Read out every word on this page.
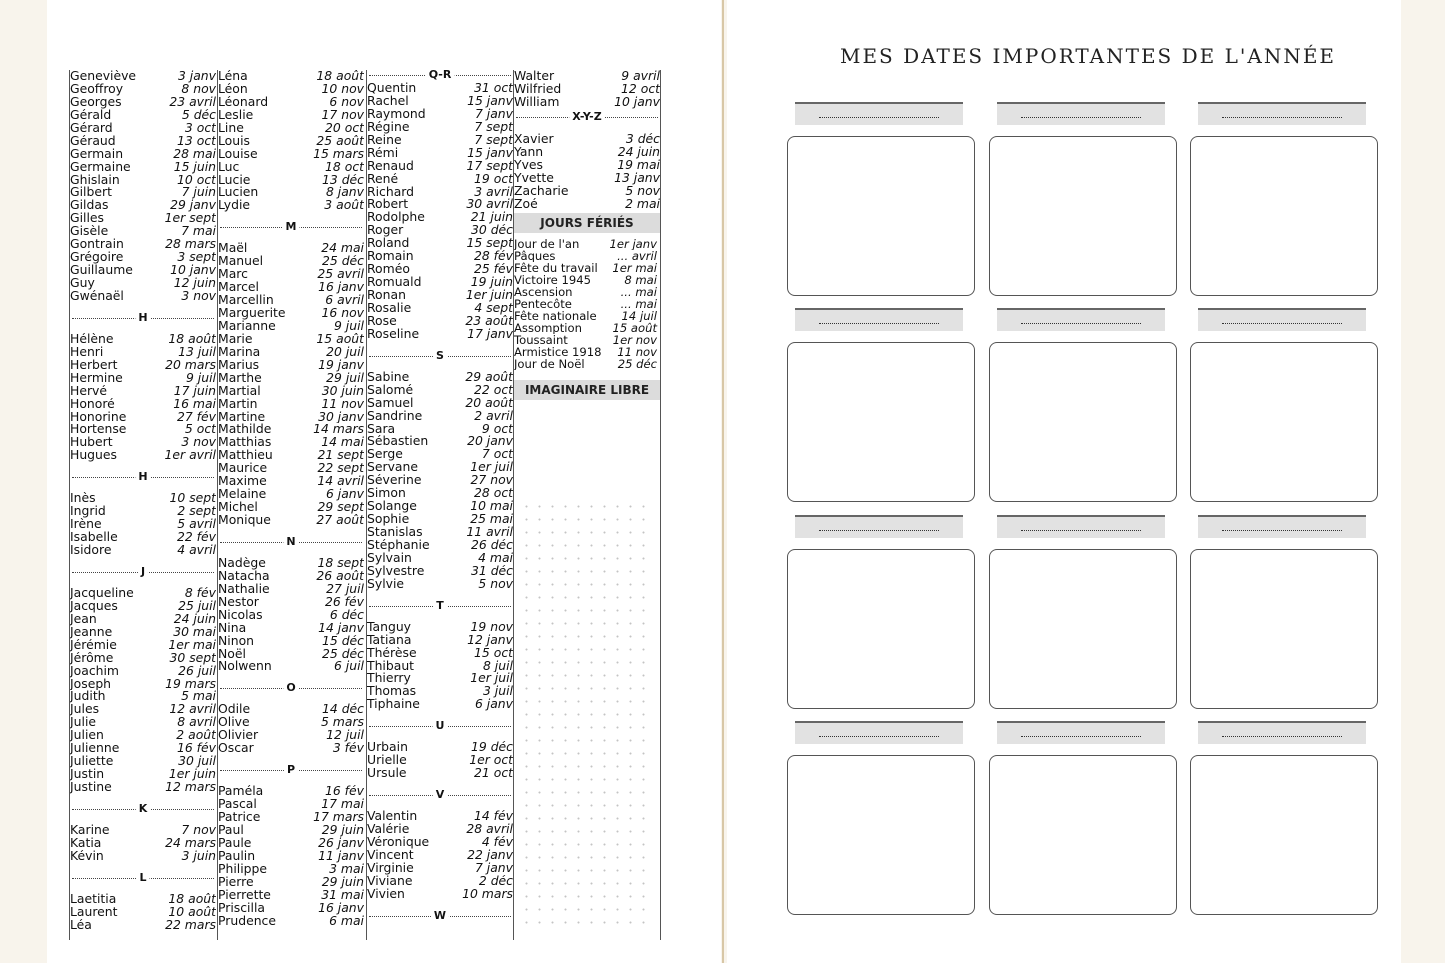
Geneviève	3 janv
Geoffroy	8 nov
Georges	23 avril
Gérald	5 déc
Gérard	3 oct
Géraud	13 oct
Germain	28 mai
Germaine	15 juin
Ghislain	10 oct
Gilbert	7 juin
Gildas	29 janv
Gilles	1er sept
Gisèle	7 mai
Gontrain	28 mars
Grégoire	3 sept
Guillaume	10 janv
Guy	12 juin
Gwénaël	3 nov
H
Hélène	18 août
Henri	13 juil
Herbert	20 mars
Hermine	9 juil
Hervé	17 juin
Honoré	16 mai
Honorine	27 fév
Hortense	5 oct
Hubert	3 nov
Hugues	1er avril
H
Inès	10 sept
Ingrid	2 sept
Irène	5 avril
Isabelle	22 fév
Isidore	4 avril
J
Jacqueline	8 fév
Jacques	25 juil
Jean	24 juin
Jeanne	30 mai
Jérémie	1er mai
Jérôme	30 sept
Joachim	26 juil
Joseph	19 mars
Judith	5 mai
Jules	12 avril
Julie	8 avril
Julien	2 août
Julienne	16 fév
Juliette	30 juil
Justin	1er juin
Justine	12 mars
K
Karine	7 nov
Katia	24 mars
Kévin	3 juin
L
Laetitia	18 août
Laurent	10 août
Léa	22 mars
Léna	18 août
Léon	10 nov
Léonard	6 nov
Leslie	17 nov
Line	20 oct
Louis	25 août
Louise	15 mars
Luc	18 oct
Lucie	13 déc
Lucien	8 janv
Lydie	3 août
M
Maël	24 mai
Manuel	25 déc
Marc	25 avril
Marcel	16 janv
Marcellin	6 avril
Marguerite	16 nov
Marianne	9 juil
Marie	15 août
Marina	20 juil
Marius	19 janv
Marthe	29 juil
Martial	30 juin
Martin	11 nov
Martine	30 janv
Mathilde	14 mars
Matthias	14 mai
Matthieu	21 sept
Maurice	22 sept
Maxime	14 avril
Melaine	6 janv
Michel	29 sept
Monique	27 août
N
Nadège	18 sept
Natacha	26 août
Nathalie	27 juil
Nestor	26 fév
Nicolas	6 déc
Nina	14 janv
Ninon	15 déc
Noël	25 déc
Nolwenn	6 juil
O
Odile	14 déc
Olive	5 mars
Olivier	12 juil
Oscar	3 fév
P
Paméla	16 fév
Pascal	17 mai
Patrice	17 mars
Paul	29 juin
Paule	26 janv
Paulin	11 janv
Philippe	3 mai
Pierre	29 juin
Pierrette	31 mai
Priscilla	16 janv
Prudence	6 mai
Q-R
Quentin	31 oct
Rachel	15 janv
Raymond	7 janv
Régine	7 sept
Reine	7 sept
Rémi	15 janv
Renaud	17 sept
René	19 oct
Richard	3 avril
Robert	30 avril
Rodolphe	21 juin
Roger	30 déc
Roland	15 sept
Romain	28 fév
Roméo	25 fév
Romuald	19 juin
Ronan	1er juin
Rosalie	4 sept
Rose	23 août
Roseline	17 janv
S
Sabine	29 août
Salomé	22 oct
Samuel	20 août
Sandrine	2 avril
Sara	9 oct
Sébastien	20 janv
Serge	7 oct
Servane	1er juil
Séverine	27 nov
Simon	28 oct
Solange	10 mai
Sophie	25 mai
Stanislas	11 avril
Stéphanie	26 déc
Sylvain	4 mai
Sylvestre	31 déc
Sylvie	5 nov
T
Tanguy	19 nov
Tatiana	12 janv
Thérèse	15 oct
Thibaut	8 juil
Thierry	1er juil
Thomas	3 juil
Tiphaine	6 janv
U
Urbain	19 déc
Urielle	1er oct
Ursule	21 oct
V
Valentin	14 fév
Valérie	28 avril
Véronique	4 fév
Vincent	22 janv
Virginie	7 janv
Viviane	2 déc
Vivien	10 mars
W
Walter	9 avril
Wilfried	12 oct
William	10 janv
X-Y-Z
Xavier	3 déc
Yann	24 juin
Yves	19 mai
Yvette	13 janv
Zacharie	5 nov
Zoé	2 mai
JOURS FÉRIÉS
Jour de l'an	1er janv
Pâques	... avril
Fête du travail 1er mai
Victoire 1945	8 mai
Ascension	... mai
Pentecôte	... mai
Fête nationale 14 juil
Assomption	15 août
Toussaint	1er nov
Armistice 1918 11 nov
Jour de Noël	25 déc
IMAGINAIRE LIBRE
MES DATES IMPORTANTES DE L'ANNÉE
